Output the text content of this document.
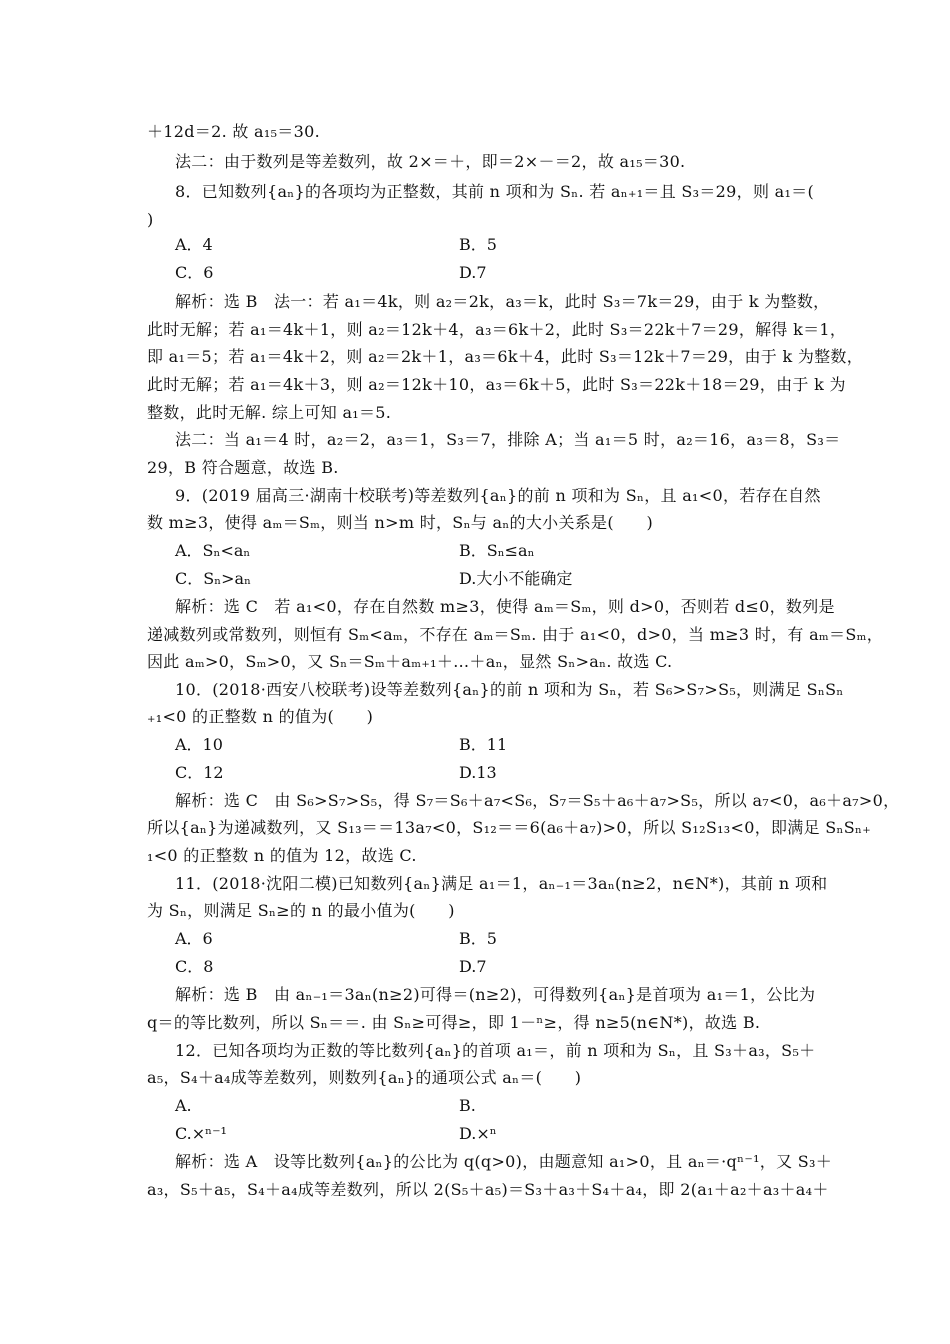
＋12d＝2. 故 a₁₅＝30.
法二：由于数列是等差数列，故 2×＝＋，即＝2×－＝2，故 a₁₅＝30.
8．已知数列{aₙ}的各项均为正整数，其前 n 项和为 Sₙ. 若 aₙ₊₁＝且 S₃＝29，则 a₁＝(
)
解析：选 B　法一：若 a₁＝4k，则 a₂＝2k，a₃＝k，此时 S₃＝7k＝29，由于 k 为整数，
此时无解；若 a₁＝4k＋1，则 a₂＝12k＋4，a₃＝6k＋2，此时 S₃＝22k＋7＝29，解得 k＝1，
即 a₁＝5；若 a₁＝4k＋2，则 a₂＝2k＋1，a₃＝6k＋4，此时 S₃＝12k＋7＝29，由于 k 为整数，
此时无解；若 a₁＝4k＋3，则 a₂＝12k＋10，a₃＝6k＋5，此时 S₃＝22k＋18＝29，由于 k 为
整数，此时无解. 综上可知 a₁＝5.
法二：当 a₁＝4 时，a₂＝2，a₃＝1，S₃＝7，排除 A；当 a₁＝5 时，a₂＝16，a₃＝8，S₃＝
29，B 符合题意，故选 B.
9．(2019 届高三·湖南十校联考)等差数列{aₙ}的前 n 项和为 Sₙ，且 a₁<0，若存在自然
数 m≥3，使得 aₘ＝Sₘ，则当 n>m 时，Sₙ与 aₙ的大小关系是(　　)
解析：选 C　若 a₁<0，存在自然数 m≥3，使得 aₘ＝Sₘ，则 d>0，否则若 d≤0，数列是
递减数列或常数列，则恒有 Sₘ<aₘ，不存在 aₘ＝Sₘ. 由于 a₁<0，d>0，当 m≥3 时，有 aₘ＝Sₘ，
因此 aₘ>0，Sₘ>0，又 Sₙ＝Sₘ＋aₘ₊₁＋…＋aₙ，显然 Sₙ>aₙ. 故选 C.
10．(2018·西安八校联考)设等差数列{aₙ}的前 n 项和为 Sₙ，若 S₆>S₇>S₅，则满足 SₙSₙ
₊₁<0 的正整数 n 的值为(　　)
解析：选 C　由 S₆>S₇>S₅，得 S₇＝S₆＋a₇<S₆，S₇＝S₅＋a₆＋a₇>S₅，所以 a₇<0，a₆＋a₇>0，
所以{aₙ}为递减数列，又 S₁₃＝＝13a₇<0，S₁₂＝＝6(a₆＋a₇)>0，所以 S₁₂S₁₃<0，即满足 SₙSₙ₊
₁<0 的正整数 n 的值为 12，故选 C.
11．(2018·沈阳二模)已知数列{aₙ}满足 a₁＝1，aₙ₋₁＝3aₙ(n≥2，n∈N*)，其前 n 项和
为 Sₙ，则满足 Sₙ≥的 n 的最小值为(　　)
解析：选 B　由 aₙ₋₁＝3aₙ(n≥2)可得＝(n≥2)，可得数列{aₙ}是首项为 a₁＝1，公比为
q＝的等比数列，所以 Sₙ＝＝. 由 Sₙ≥可得≥，即 1－ⁿ≥，得 n≥5(n∈N*)，故选 B.
12．已知各项均为正数的等比数列{aₙ}的首项 a₁＝，前 n 项和为 Sₙ，且 S₃＋a₃，S₅＋
a₅，S₄＋a₄成等差数列，则数列{aₙ}的通项公式 aₙ＝(　　)
解析：选 A　设等比数列{aₙ}的公比为 q(q>0)，由题意知 a₁>0，且 aₙ＝·qⁿ⁻¹，又 S₃＋
a₃，S₅＋a₅，S₄＋a₄成等差数列，所以 2(S₅＋a₅)＝S₃＋a₃＋S₄＋a₄，即 2(a₁＋a₂＋a₃＋a₄＋
A．4	B．5
C．6	D.7
A．Sₙ<aₙ	B．Sₙ≤aₙ
C．Sₙ>aₙ	D.大小不能确定
A．10	B．11
C．12	D.13
A．6	B．5
C．8	D.7
A.	B.
C.×ⁿ⁻¹	D.×ⁿ
